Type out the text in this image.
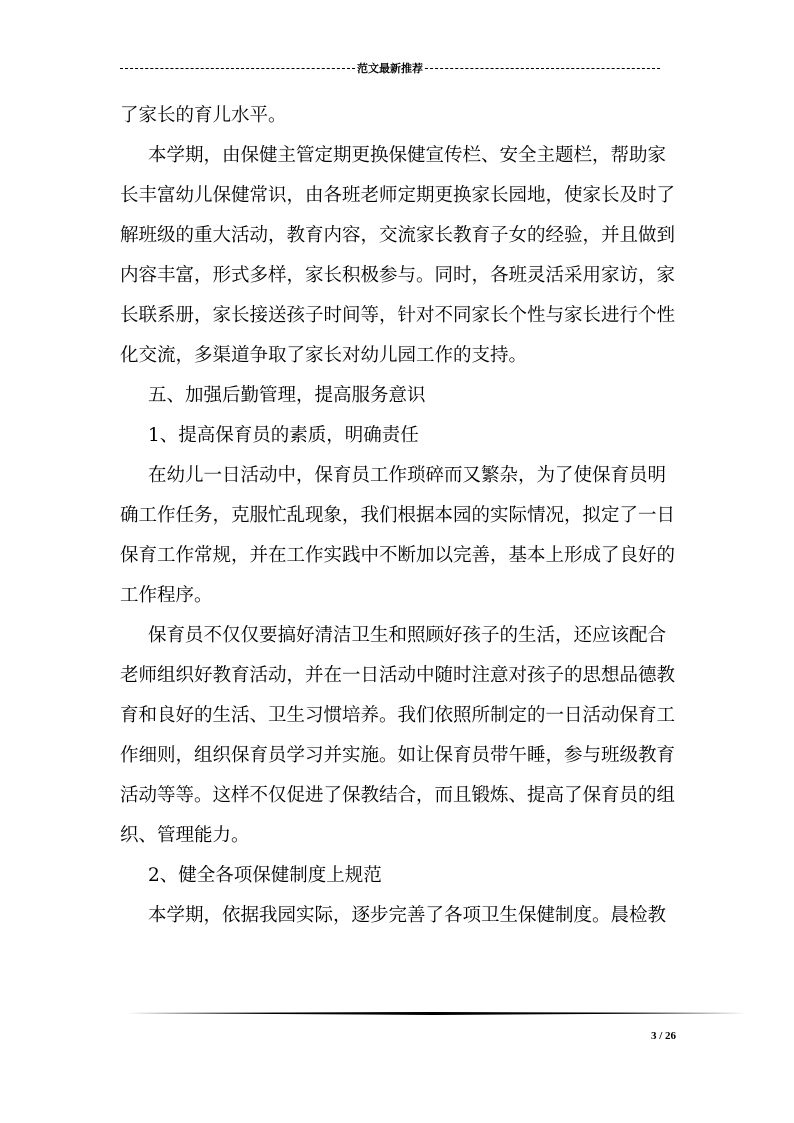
范文最新推荐
了家长的育儿水平。
本学期，由保健主管定期更换保健宣传栏、安全主题栏，帮助家
长丰富幼儿保健常识，由各班老师定期更换家长园地，使家长及时了
解班级的重大活动，教育内容，交流家长教育子女的经验，并且做到
内容丰富，形式多样，家长积极参与。同时，各班灵活采用家访，家
长联系册，家长接送孩子时间等，针对不同家长个性与家长进行个性
化交流，多渠道争取了家长对幼儿园工作的支持。
五、加强后勤管理，提高服务意识
1、提高保育员的素质，明确责任
在幼儿一日活动中，保育员工作琐碎而又繁杂，为了使保育员明
确工作任务，克服忙乱现象，我们根据本园的实际情况，拟定了一日
保育工作常规，并在工作实践中不断加以完善，基本上形成了良好的
工作程序。
保育员不仅仅要搞好清洁卫生和照顾好孩子的生活，还应该配合
老师组织好教育活动，并在一日活动中随时注意对孩子的思想品德教
育和良好的生活、卫生习惯培养。我们依照所制定的一日活动保育工
作细则，组织保育员学习并实施。如让保育员带午睡，参与班级教育
活动等等。这样不仅促进了保教结合，而且锻炼、提高了保育员的组
织、管理能力。
2、健全各项保健制度上规范
本学期，依据我园实际，逐步完善了各项卫生保健制度。晨检教
3 / 26
